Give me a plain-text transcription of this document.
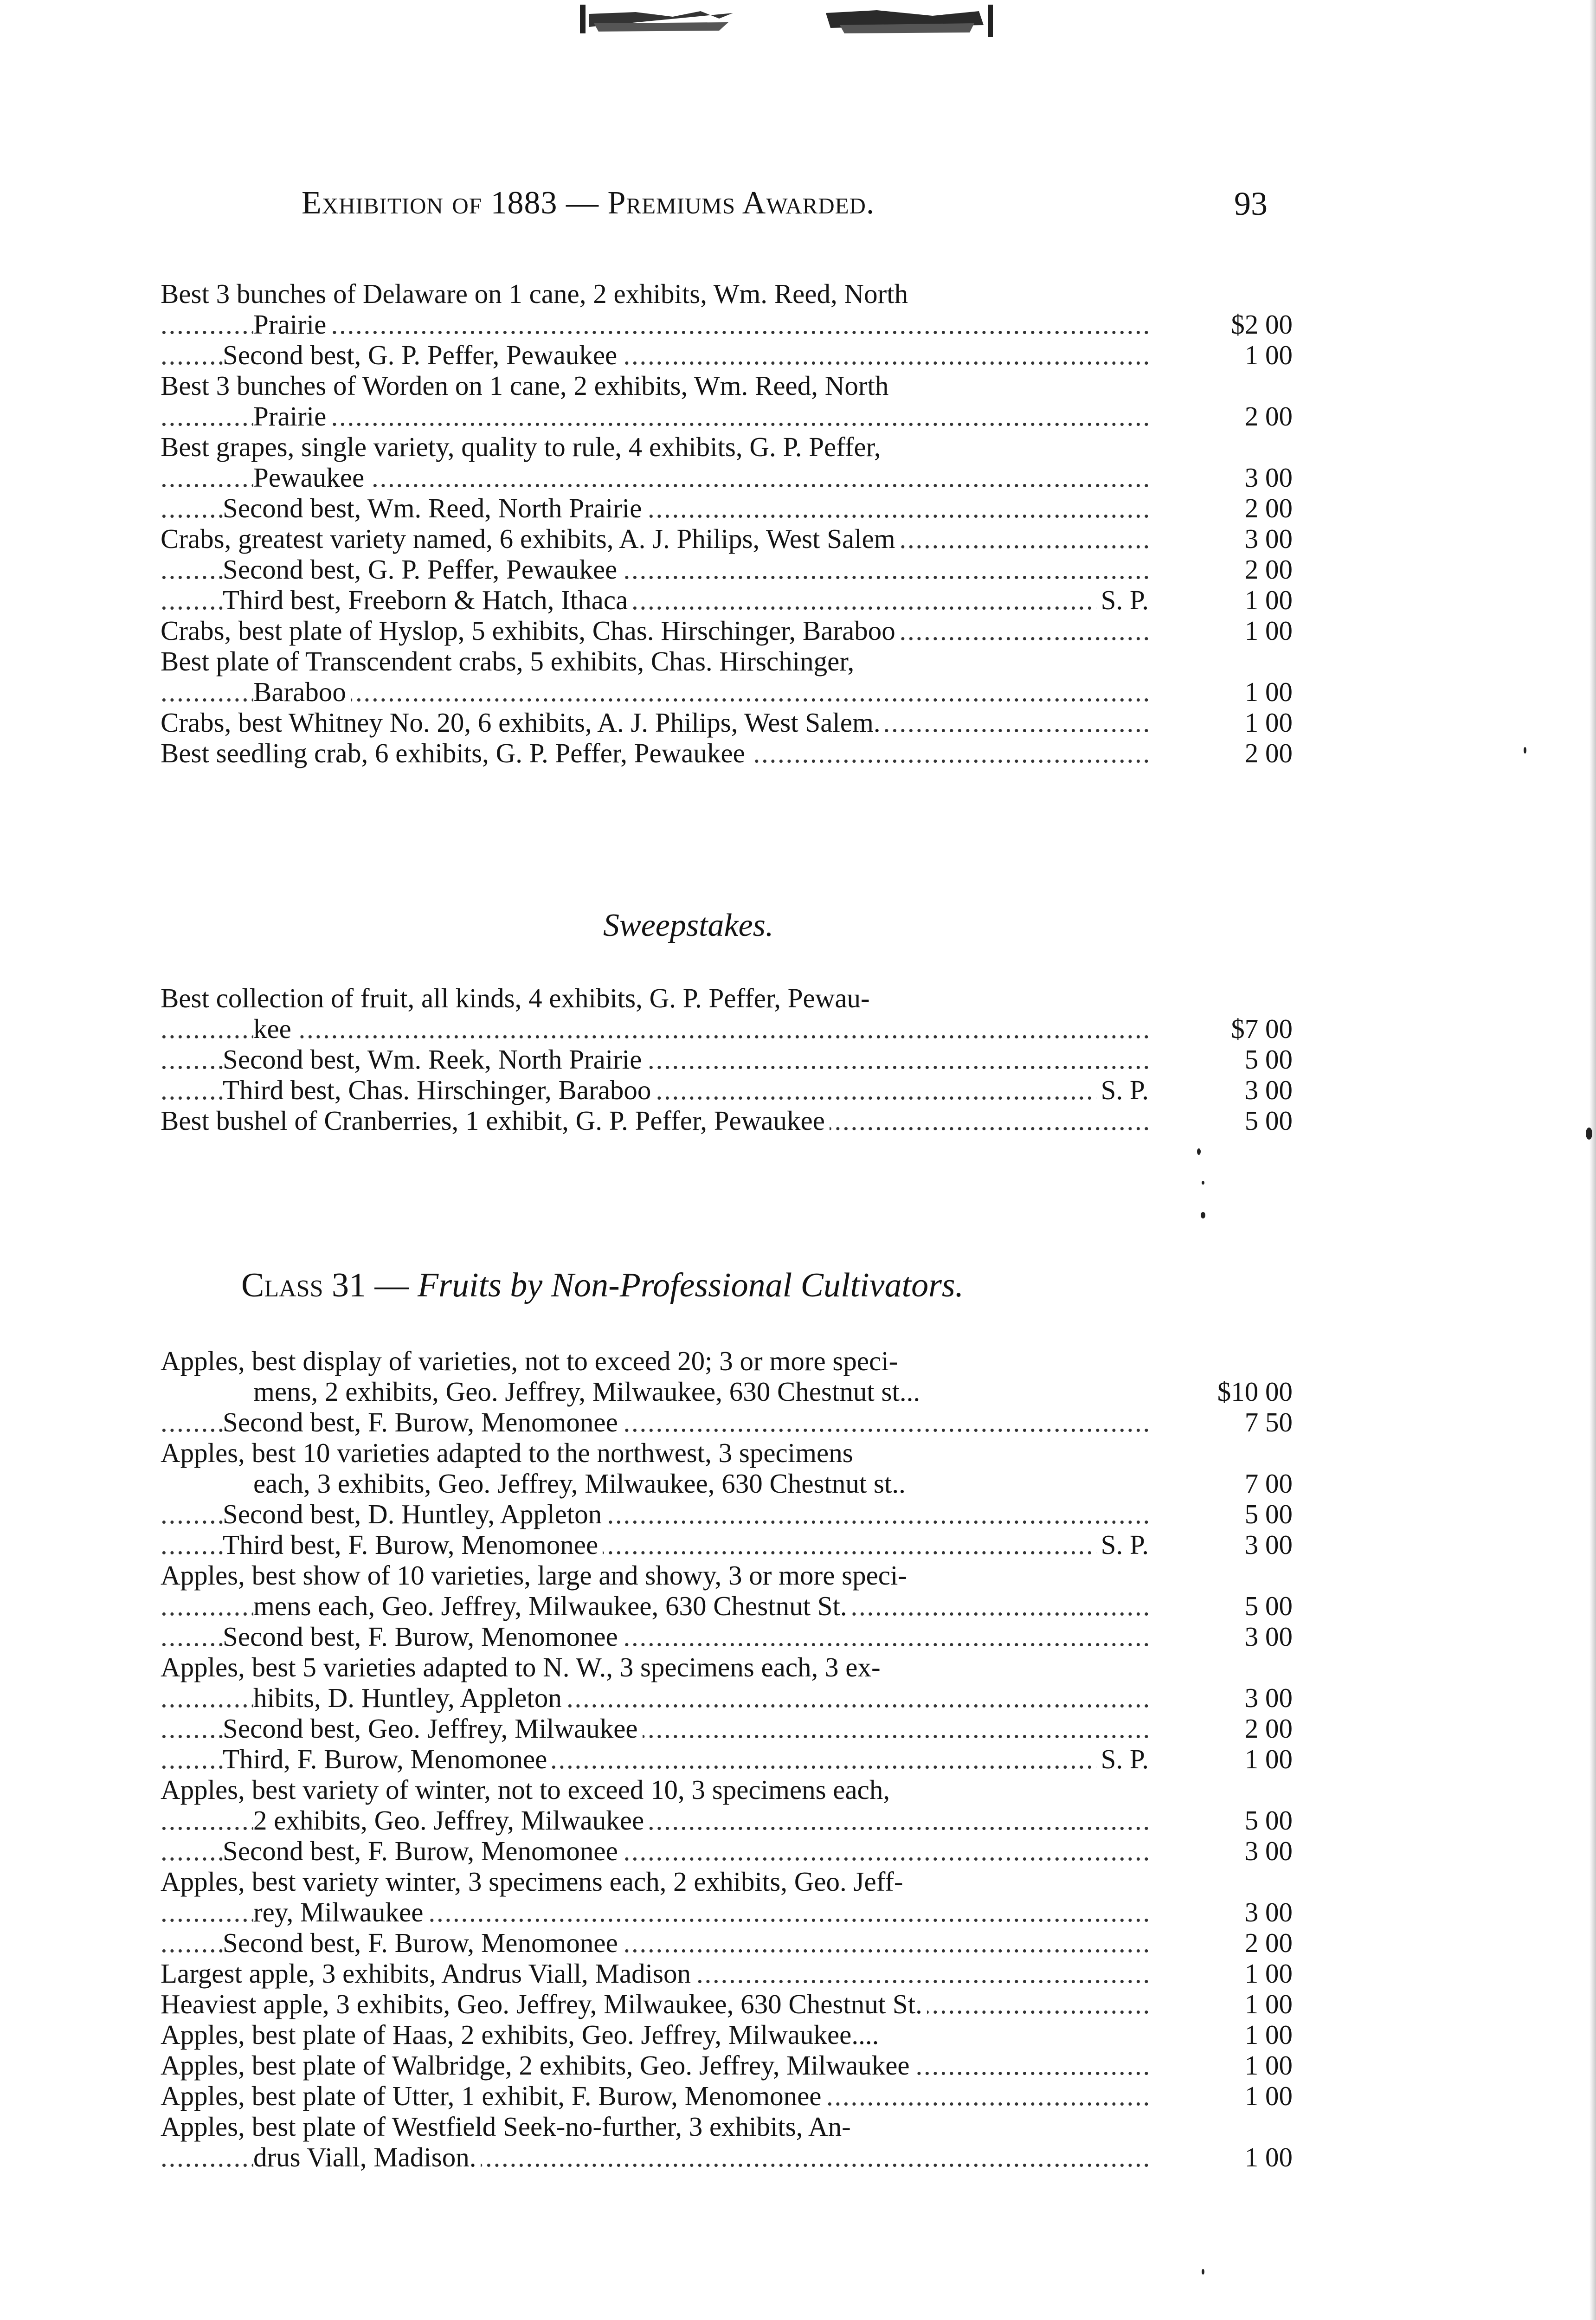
Exhibition of 1883 — Premiums Awarded.	93
Best 3 bunches of Delaware on 1 cane, 2 exhibits, Wm. Reed, North
. . . Prairie	$2 00
. . . Second best, G. P. Peffer, Pewaukee	1 00
Best 3 bunches of Worden on 1 cane, 2 exhibits, Wm. Reed, North
. . . Prairie	2 00
Best grapes, single variety, quality to rule, 4 exhibits, G. P. Peffer,
. . . Pewaukee	3 00
. . . Second best, Wm. Reed, North Prairie	2 00
. . . Crabs, greatest variety named, 6 exhibits, A. J. Philips, West Salem	3 00
. . . Second best, G. P. Peffer, Pewaukee	2 00
. . . Third best, Freeborn & Hatch, Ithaca	S. P.	1 00
. . . Crabs, best plate of Hyslop, 5 exhibits, Chas. Hirschinger, Baraboo	1 00
Best plate of Transcendent crabs, 5 exhibits, Chas. Hirschinger,
. . . Baraboo	1 00
. . . Crabs, best Whitney No. 20, 6 exhibits, A. J. Philips, West Salem.	1 00
. . . Best seedling crab, 6 exhibits, G. P. Peffer, Pewaukee	2 00
Sweepstakes.
Best collection of fruit, all kinds, 4 exhibits, G. P. Peffer, Pewau-
. . . kee	$7 00
. . . Second best, Wm. Reek, North Prairie	5 00
. . . Third best, Chas. Hirschinger, Baraboo	S. P.	3 00
. . . Best bushel of Cranberries, 1 exhibit, G. P. Peffer, Pewaukee	5 00
Class 31 — Fruits by Non-Professional Cultivators.
Apples, best display of varieties, not to exceed 20; 3 or more speci-
mens, 2 exhibits, Geo. Jeffrey, Milwaukee, 630 Chestnut st...	$10 00
. . . Second best, F. Burow, Menomonee	7 50
Apples, best 10 varieties adapted to the northwest, 3 specimens
each, 3 exhibits, Geo. Jeffrey, Milwaukee, 630 Chestnut st..	7 00
. . . Second best, D. Huntley, Appleton	5 00
. . . Third best, F. Burow, Menomonee	S. P.	3 00
Apples, best show of 10 varieties, large and showy, 3 or more speci-
. . . mens each, Geo. Jeffrey, Milwaukee, 630 Chestnut St.	5 00
. . . Second best, F. Burow, Menomonee	3 00
Apples, best 5 varieties adapted to N. W., 3 specimens each, 3 ex-
. . . hibits, D. Huntley, Appleton	3 00
. . . Second best, Geo. Jeffrey, Milwaukee	2 00
. . . Third, F. Burow, Menomonee	S. P.	1 00
Apples, best variety of winter, not to exceed 10, 3 specimens each,
. . . 2 exhibits, Geo. Jeffrey, Milwaukee	5 00
. . . Second best, F. Burow, Menomonee	3 00
Apples, best variety winter, 3 specimens each, 2 exhibits, Geo. Jeff-
. . . rey, Milwaukee	3 00
. . . Second best, F. Burow, Menomonee	2 00
. . . Largest apple, 3 exhibits, Andrus Viall, Madison	1 00
. . . Heaviest apple, 3 exhibits, Geo. Jeffrey, Milwaukee, 630 Chestnut St.	1 00
Apples, best plate of Haas, 2 exhibits, Geo. Jeffrey, Milwaukee....	1 00
. . . Apples, best plate of Walbridge, 2 exhibits, Geo. Jeffrey, Milwaukee	1 00
. . . Apples, best plate of Utter, 1 exhibit, F. Burow, Menomonee	1 00
Apples, best plate of Westfield Seek-no-further, 3 exhibits, An-
. . . drus Viall, Madison.	1 00
